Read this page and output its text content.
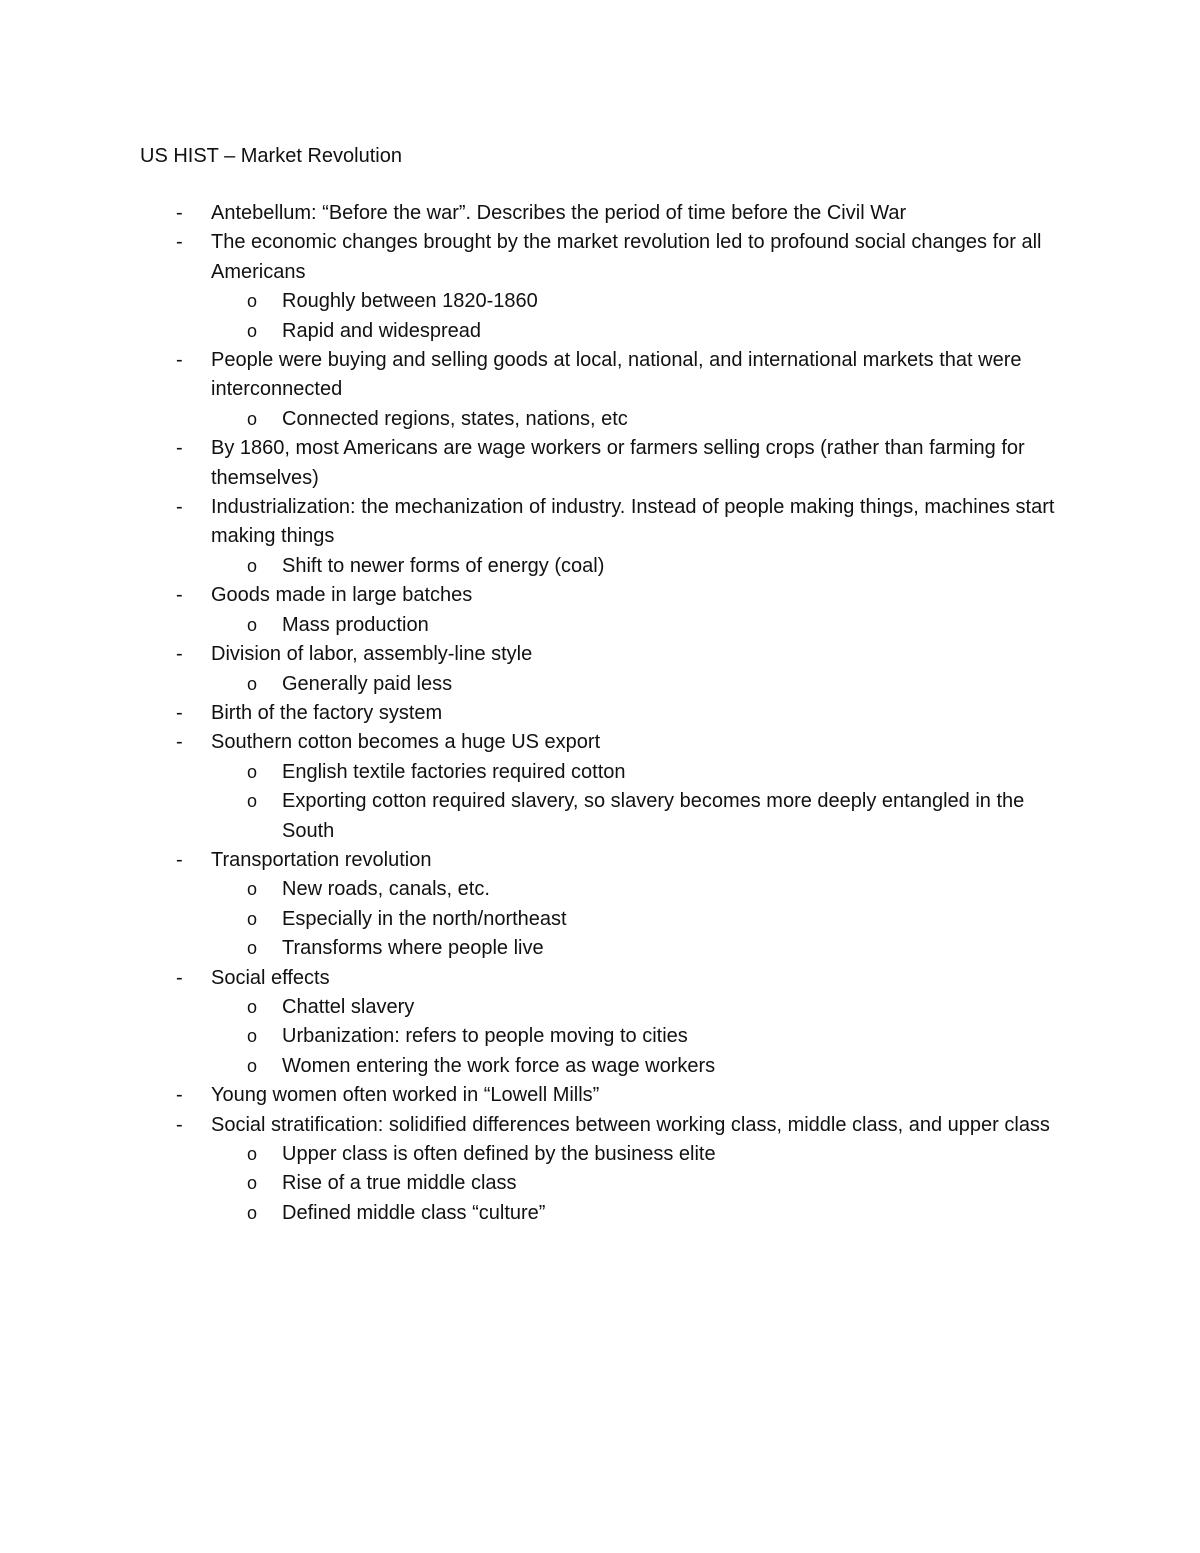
US HIST – Market Revolution
- Antebellum: “Before the war”. Describes the period of time before the Civil War
- The economic changes brought by the market revolution led to profound social changes for all Americans
o Roughly between 1820-1860
o Rapid and widespread
- People were buying and selling goods at local, national, and international markets that were interconnected
o Connected regions, states, nations, etc
- By 1860, most Americans are wage workers or farmers selling crops (rather than farming for themselves)
- Industrialization: the mechanization of industry. Instead of people making things, machines start making things
o Shift to newer forms of energy (coal)
- Goods made in large batches
o Mass production
- Division of labor, assembly-line style
o Generally paid less
- Birth of the factory system
- Southern cotton becomes a huge US export
o English textile factories required cotton
o Exporting cotton required slavery, so slavery becomes more deeply entangled in the South
- Transportation revolution
o New roads, canals, etc.
o Especially in the north/northeast
o Transforms where people live
- Social effects
o Chattel slavery
o Urbanization: refers to people moving to cities
o Women entering the work force as wage workers
- Young women often worked in “Lowell Mills”
- Social stratification: solidified differences between working class, middle class, and upper class
o Upper class is often defined by the business elite
o Rise of a true middle class
o Defined middle class “culture”
